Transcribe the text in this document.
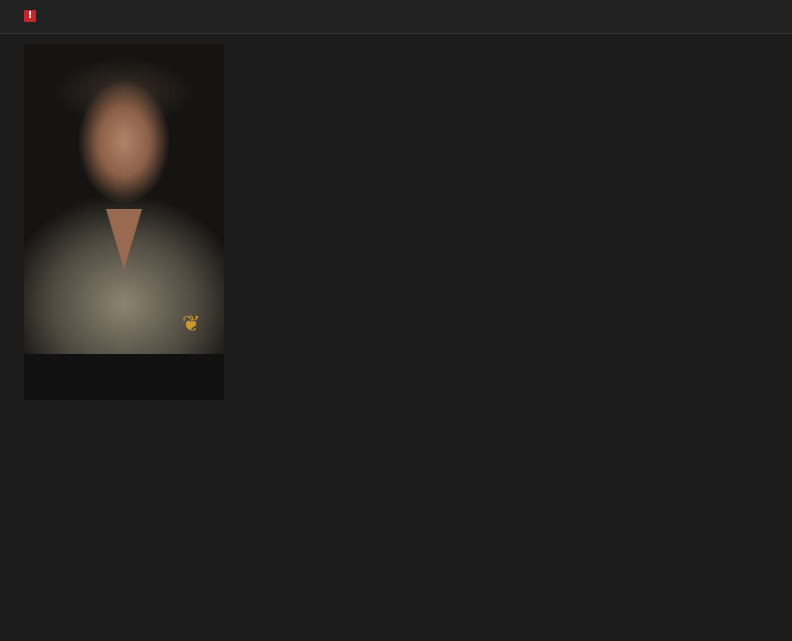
!
❦
